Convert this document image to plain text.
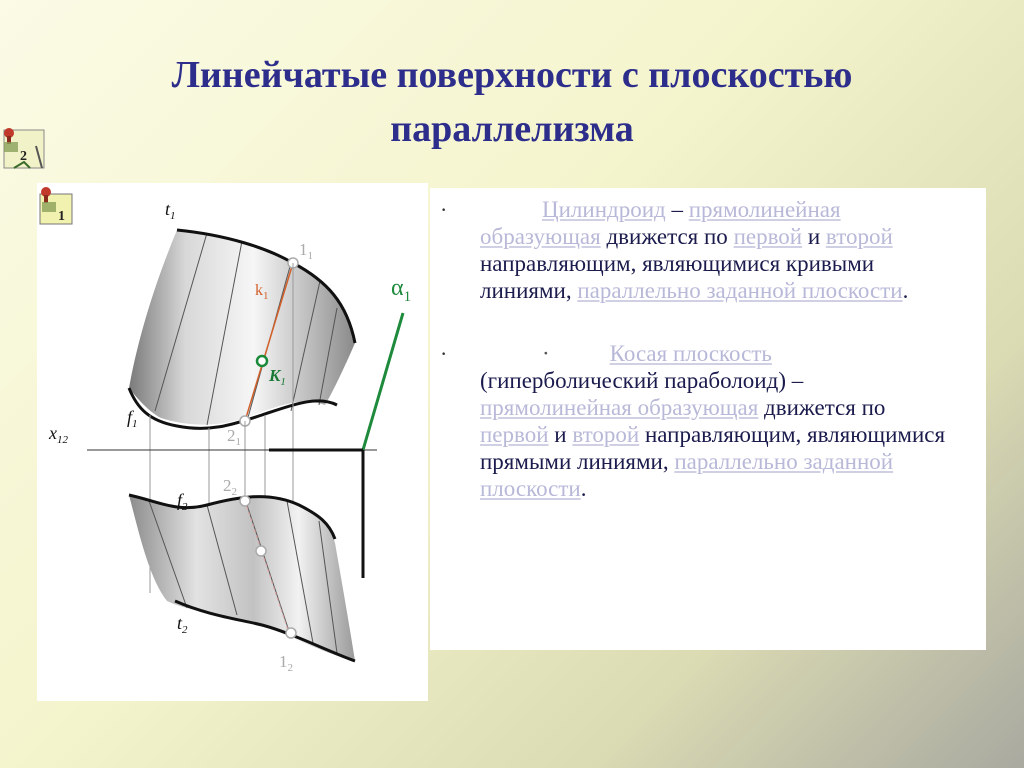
Линейчатые поверхности с плоскостью
параллелизма
2
$t_1$
$1_1$
$k_1$
$K_1$
$\alpha_1$
$x_{12}$
$f_1$
$2_1$
$2_2$
$f_2$
$t_2$
$1_2$
1	·	Цилиндроид – прямолинейная образующая движется по первой и второй направляющим, являющимися кривыми линиями, параллельно заданной плоскости.
·	·	Косая плоскость (гиперболический параболоид) – прямолинейная образующая движется по первой и второй направляющим, являющимися прямыми линиями, параллельно заданной плоскости.
